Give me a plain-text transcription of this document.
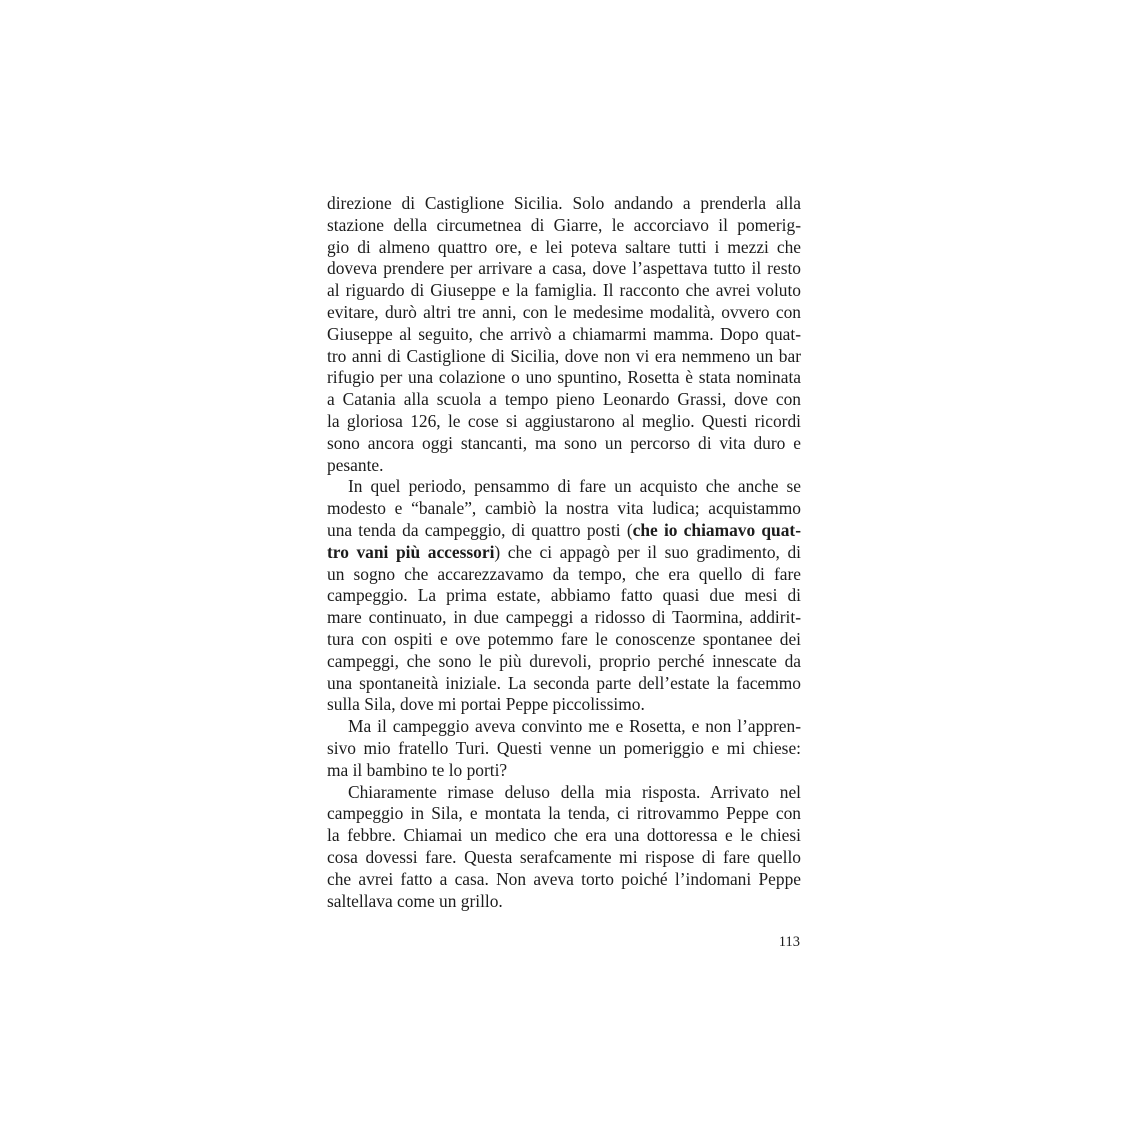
direzione di Castiglione Sicilia. Solo andando a prenderla alla
stazione della circumetnea di Giarre, le accorciavo il pomerig-
gio di almeno quattro ore, e lei poteva saltare tutti i mezzi che
doveva prendere per arrivare a casa, dove l’aspettava tutto il resto
al riguardo di Giuseppe e la famiglia. Il racconto che avrei voluto
evitare, durò altri tre anni, con le medesime modalità, ovvero con
Giuseppe al seguito, che arrivò a chiamarmi mamma. Dopo quat-
tro anni di Castiglione di Sicilia, dove non vi era nemmeno un bar
rifugio per una colazione o uno spuntino, Rosetta è stata nominata
a Catania alla scuola a tempo pieno Leonardo Grassi, dove con
la gloriosa 126, le cose si aggiustarono al meglio. Questi ricordi
sono ancora oggi stancanti, ma sono un percorso di vita duro e
pesante.
In quel periodo, pensammo di fare un acquisto che anche se
modesto e “banale”, cambiò la nostra vita ludica; acquistammo
una tenda da campeggio, di quattro posti (che io chiamavo quat-
tro vani più accessori) che ci appagò per il suo gradimento, di
un sogno che accarezzavamo da tempo, che era quello di fare
campeggio. La prima estate, abbiamo fatto quasi due mesi di
mare continuato, in due campeggi a ridosso di Taormina, addirit-
tura con ospiti e ove potemmo fare le conoscenze spontanee dei
campeggi, che sono le più durevoli, proprio perché innescate da
una spontaneità iniziale. La seconda parte dell’estate la facemmo
sulla Sila, dove mi portai Peppe piccolissimo.
Ma il campeggio aveva convinto me e Rosetta, e non l’appren-
sivo mio fratello Turi. Questi venne un pomeriggio e mi chiese:
ma il bambino te lo porti?
Chiaramente rimase deluso della mia risposta. Arrivato nel
campeggio in Sila, e montata la tenda, ci ritrovammo Peppe con
la febbre. Chiamai un medico che era una dottoressa e le chiesi
cosa dovessi fare. Questa serafcamente mi rispose di fare quello
che avrei fatto a casa. Non aveva torto poiché l’indomani Peppe
saltellava come un grillo.
113
